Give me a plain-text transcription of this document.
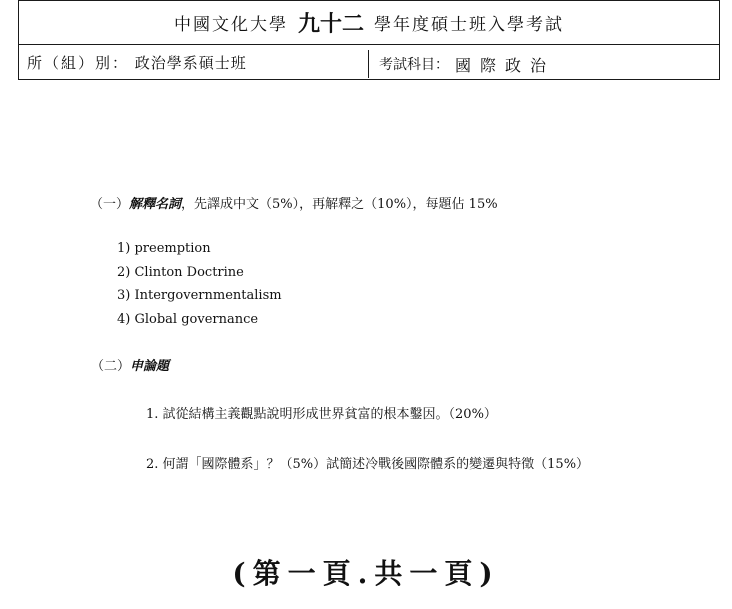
中國文化大學 九十二 學年度碩士班入學考試
所（組）別： 政治學系碩士班	考試科目： 國際政治
（一）解釋名詞，先譯成中文（5%），再解釋之（10%），每題佔 15%
1) preemption
2) Clinton Doctrine
3) Intergovernmentalism
4) Global governance
（二）申論題
1. 試從結構主義觀點說明形成世界貧富的根本鑿因。（20%）
2. 何謂「國際體系」？（5%）試簡述冷戰後國際體系的變遷與特徵（15%）
(第一頁.共一頁)
